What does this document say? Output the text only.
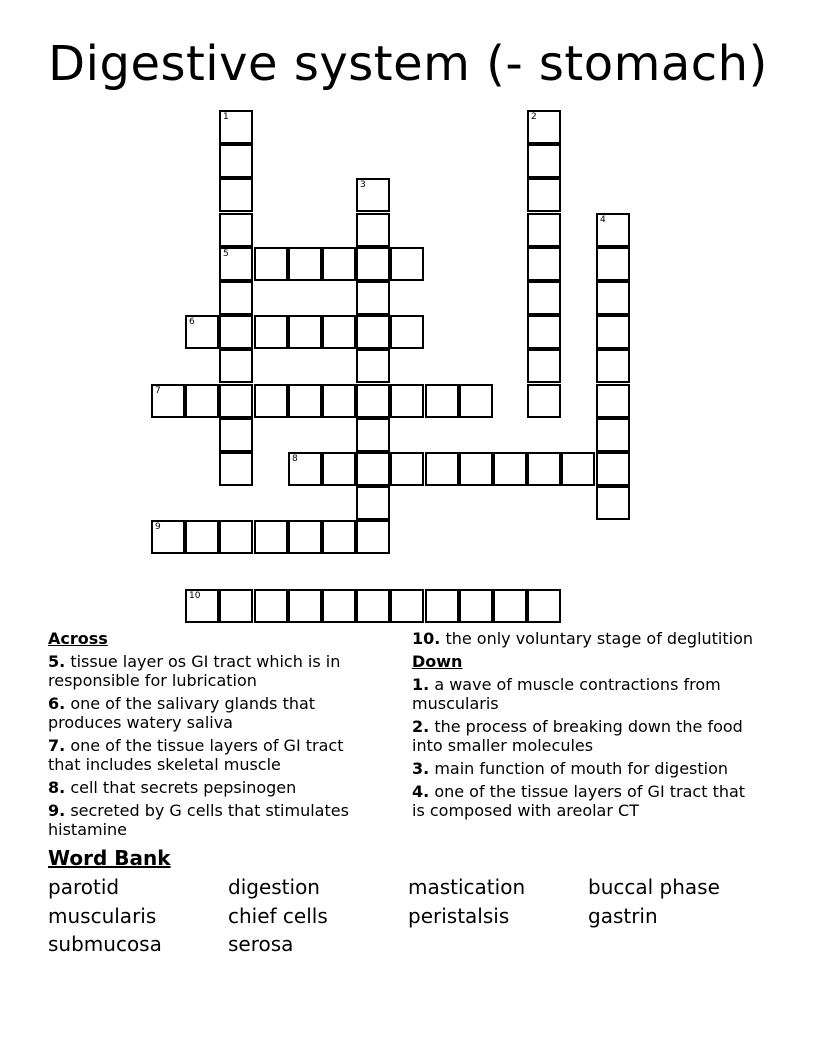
Digestive system (- stomach)
5
6
7
8
9
10
1	2
3
4
Across
5. tissue layer os GI tract which is in responsible for lubrication
6. one of the salivary glands that produces watery saliva
7. one of the tissue layers of GI tract that includes skeletal muscle
8. cell that secrets pepsinogen
9. secreted by G cells that stimulates histamine
10. the only voluntary stage of deglutition
Down
1. a wave of muscle contractions from muscularis
2. the process of breaking down the food into smaller molecules
3. main function of mouth for digestion
4. one of the tissue layers of GI tract that is composed with areolar CT
Word Bank
parotid	digestion	mastication	buccal phase
muscularis	chief cells	peristalsis	gastrin
submucosa	serosa
